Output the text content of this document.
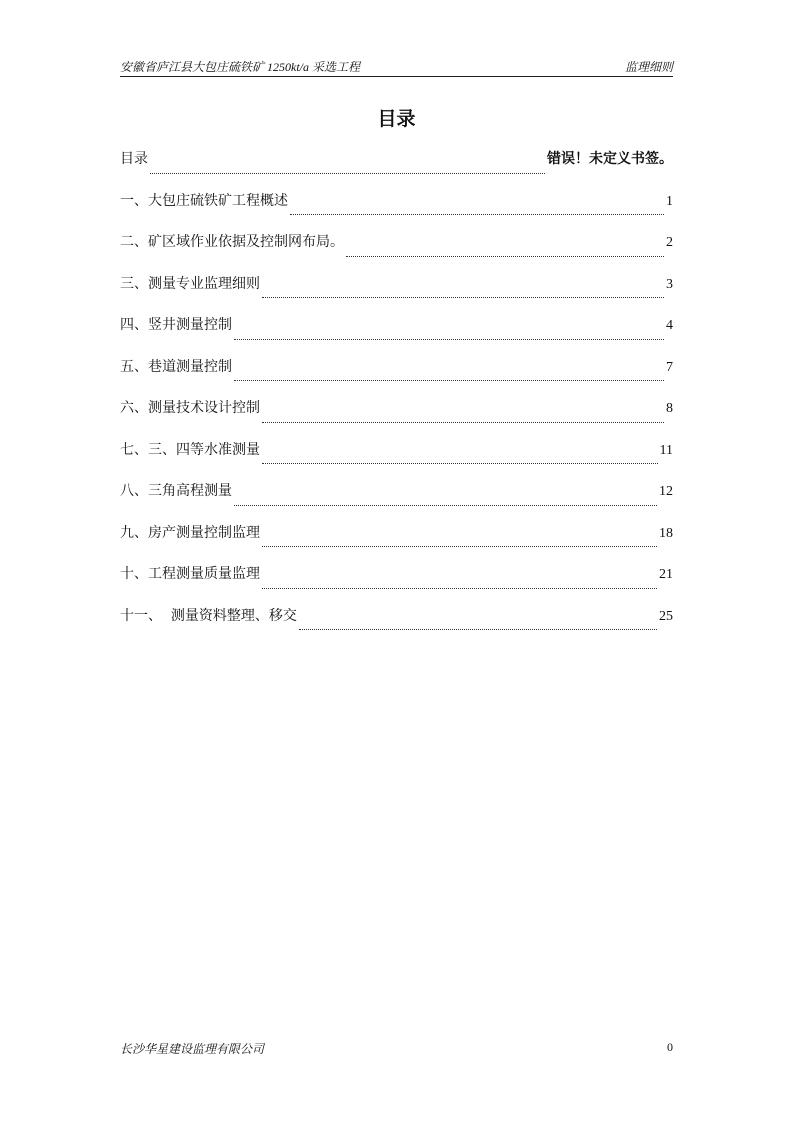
安徽省庐江县大包庄硫铁矿 1250kt/a 采选工程	监理细则
目录
目录	错误！未定义书签。
一、大包庄硫铁矿工程概述	1
二、矿区域作业依据及控制网布局。	2
三、测量专业监理细则	3
四、竖井测量控制	4
五、巷道测量控制	7
六、测量技术设计控制	8
七、三、四等水准测量	11
八、三角高程测量	12
九、房产测量控制监理	18
十、工程测量质量监理	21
十一、  测量资料整理、移交	25
长沙华星建设监理有限公司	0
